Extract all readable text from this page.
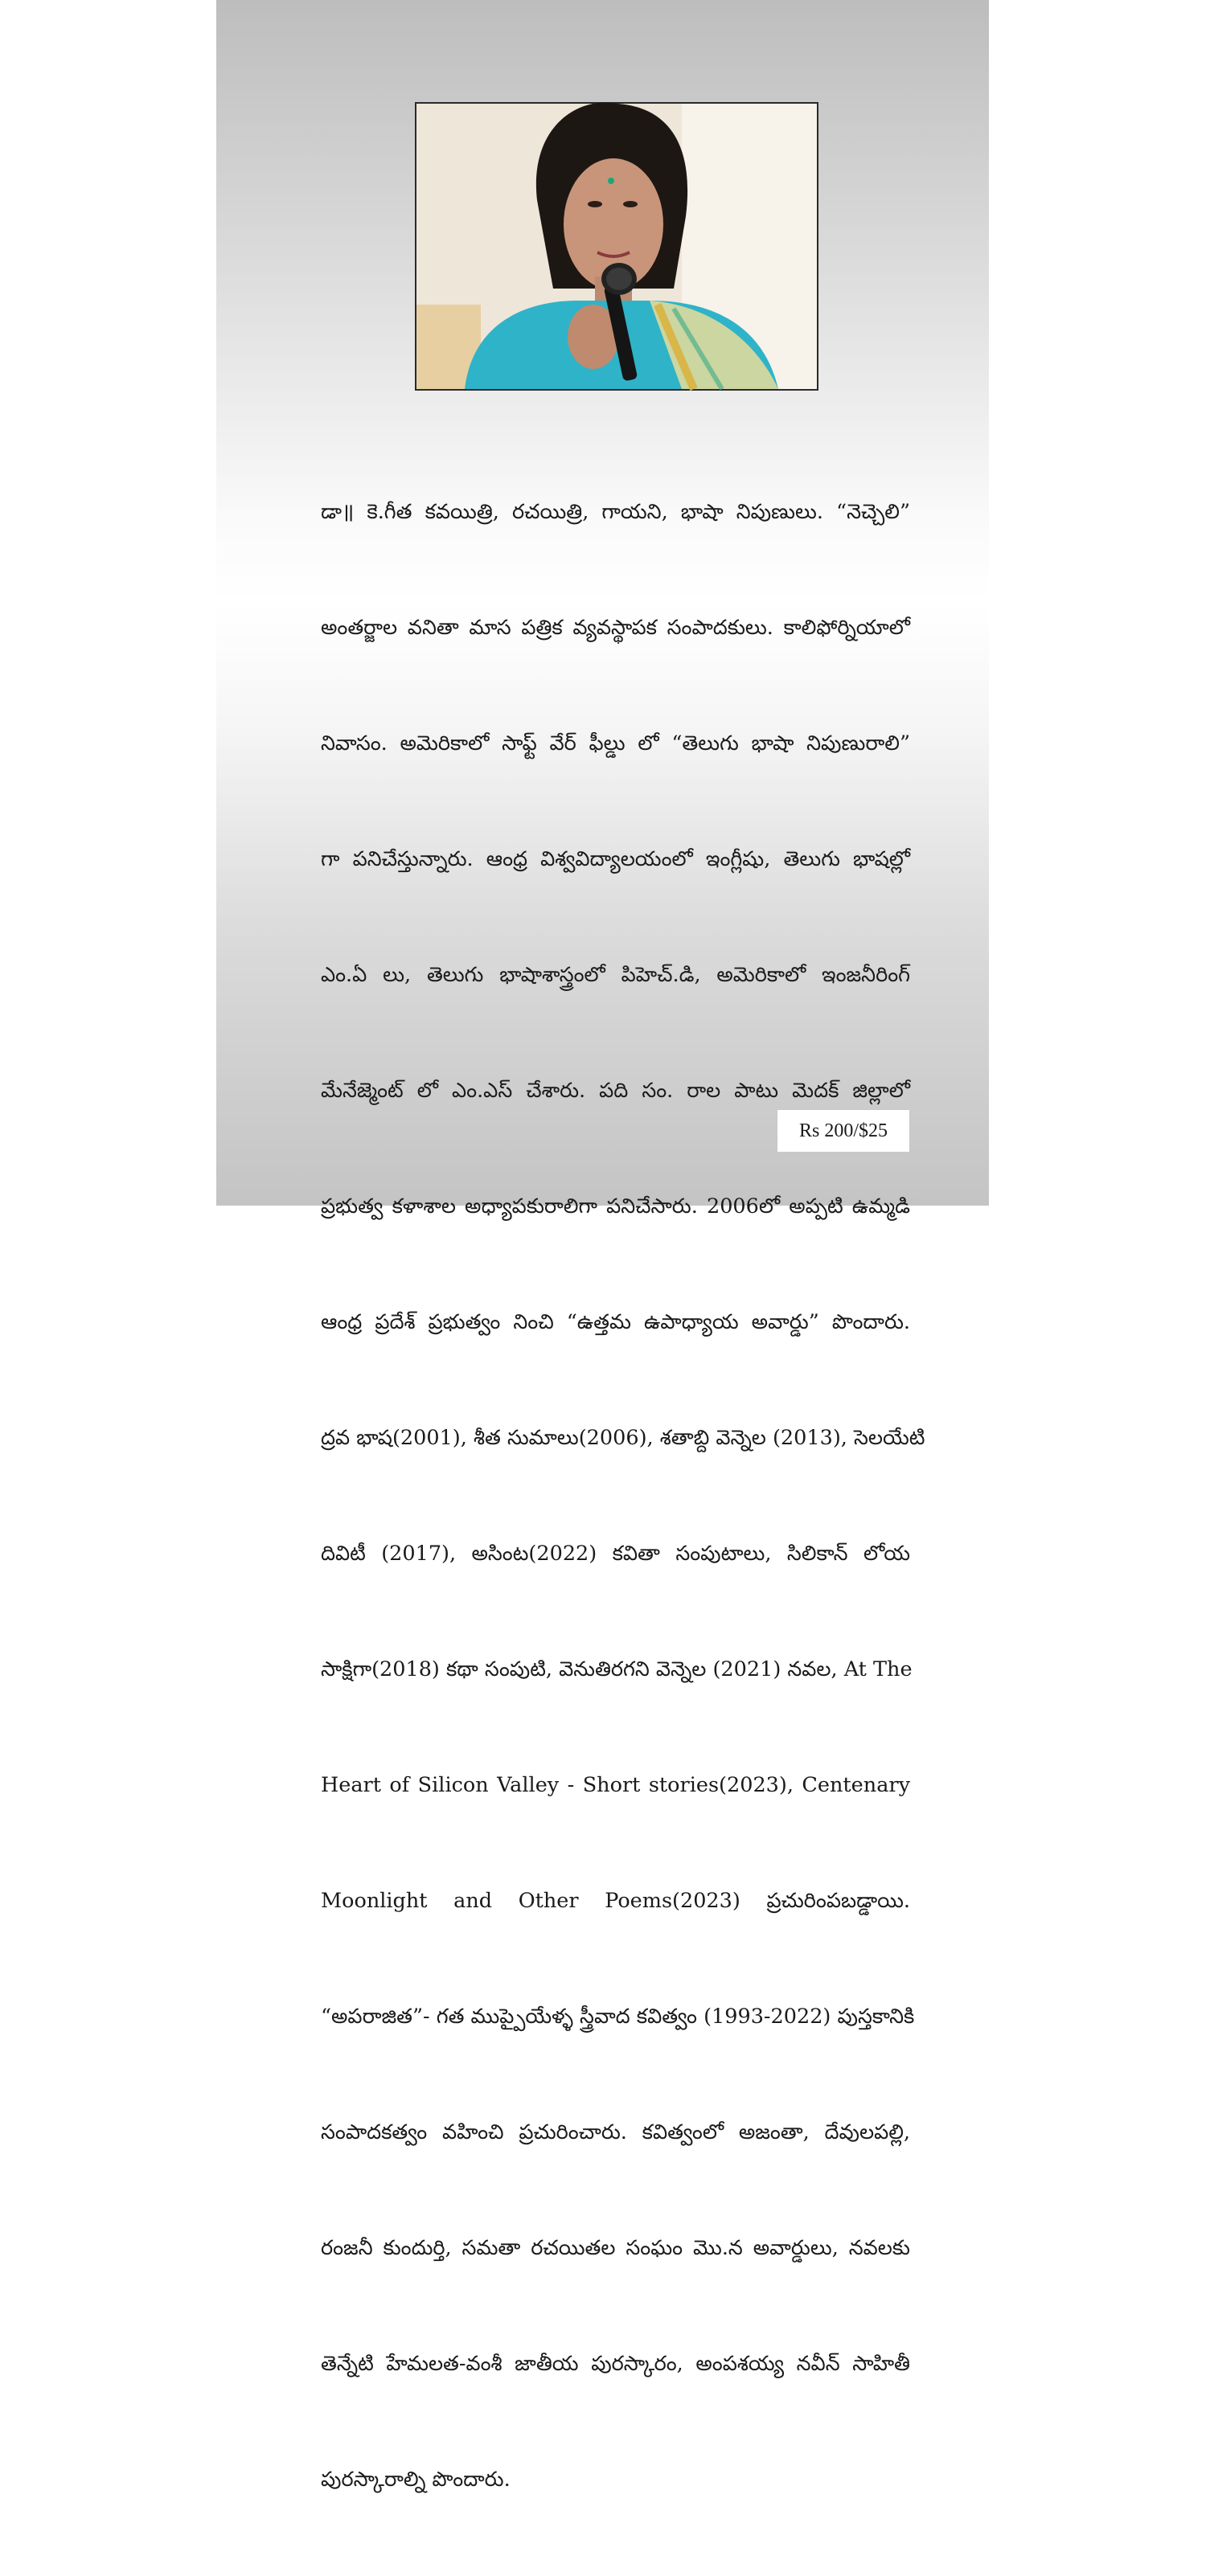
డా॥ కె.గీత కవయిత్రి, రచయిత్రి, గాయని, భాషా నిపుణులు. “నెచ్చెలి”

అంతర్జాల వనితా మాస పత్రిక వ్యవస్థాపక సంపాదకులు. కాలిఫోర్నియాలో

నివాసం. అమెరికాలో సాఫ్ట్ వేర్ ఫీల్డు లో “తెలుగు భాషా నిపుణురాలి”

గా పనిచేస్తున్నారు. ఆంధ్ర విశ్వవిద్యాలయంలో ఇంగ్లీషు, తెలుగు భాషల్లో

ఎం.ఏ లు, తెలుగు భాషాశాస్త్రంలో పిహెచ్.డి, అమెరికాలో ఇంజనీరింగ్

మేనేజ్మెంట్ లో ఎం.ఎస్ చేశారు. పది సం. రాల పాటు మెదక్ జిల్లాలో

ప్రభుత్వ కళాశాల అధ్యాపకురాలిగా పనిచేసారు. 2006లో అప్పటి ఉమ్మడి

ఆంధ్ర ప్రదేశ్ ప్రభుత్వం నించి “ఉత్తమ ఉపాధ్యాయ అవార్డు” పొందారు.

ద్రవ భాష(2001), శీత సుమాలు(2006), శతాబ్ది వెన్నెల (2013), సెలయేటి

దివిటీ (2017), అసింట(2022) కవితా సంపుటాలు, సిలికాన్ లోయ

సాక్షిగా(2018) కథా సంపుటి, వెనుతిరగని వెన్నెల (2021) నవల, At The

Heart of Silicon Valley - Short stories(2023), Centenary

Moonlight and Other Poems(2023) ప్రచురింపబడ్డాయి.

“అపరాజిత”- గత ముప్పైయేళ్ళ స్త్రీవాద కవిత్వం (1993-2022) పుస్తకానికి

సంపాదకత్వం వహించి ప్రచురించారు. కవిత్వంలో అజంతా, దేవులపల్లి,

రంజనీ కుందుర్తి, సమతా రచయితల సంఘం మొ.న అవార్డులు, నవలకు

తెన్నేటి హేమలత-వంశీ జాతీయ పురస్కారం, అంపశయ్య నవీన్ సాహితీ

పురస్కారాల్ని పొందారు.

Rs 200/$25
